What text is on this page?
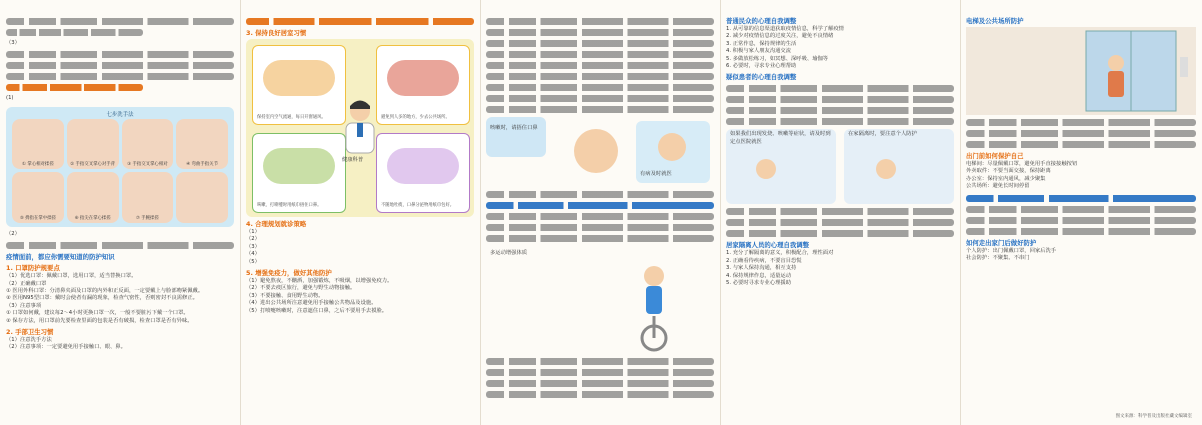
（3）
(1)
七步洗手法
① 掌心相对揉搓	② 手指交叉掌心对手背	③ 手指交叉掌心相对	④ 弯曲手指关节
⑤ 拇指在掌中揉搓	⑥ 指尖在掌心揉搓	⑦ 手腕揉搓
（2）
疫情面前，都应你需要知道的防护知识
1. 口罩防护规要点
（1）优选口罩：佩戴口罩，选用口罩，适当替换口罩。
（2）正确戴口罩
① 医用外科口罩：分清鼻夹面及口罩的内外和正反面，一定要戴上与脸部吻紧佩戴。
② 医用N95型口罩：戴时会使者有漏的现象，检查气密性，否则密封不良需修正。
（3）注意事项
① 口罩如何戴，建议每2～4小时更换口罩一次，一般不要脏污下戴一个口罩。
② 保存方法，用口罩前先要检查里面的包装是否有破损，检查口罩是否有异味。
2. 手部卫生习惯
（1）注意洗手方法
（2）注意事项：一定要避免用手接触口、眼、鼻。
3. 保持良好居室习惯
保持室内空气流通，每日开窗通风。	避免到人多的地方，少去公共场所。
咳嗽、打喷嚏时用纸巾捂住口鼻。	不随地吐痰，口鼻分泌物用纸巾包好。
健康科普
4. 合理规划就诊策略
（1）
（2）
（3）
（4）
（5）
5. 增强免疫力，做好其他防护
（1）避免熬夜，不酗酒，加强锻炼，不吸烟，以增强免疫力。
（2）不要去疫区旅行，避免与野生动物接触。
（3）不要接触、食用野生动物。
（4）进出公共场所注意避免用手接触公共物品及设施。
（5）打喷嚏咳嗽时，注意遮住口鼻，之后不要用手去摸脸。
咳嗽时，请捂住口鼻
有病及时就医
多运动增强体质
普通民众的心理自我调整
1. 从可靠的信息渠道获取疫情信息，科学了解疫情
2. 减少对疫情信息的过度关注，避免不良情绪
3. 正常作息，保持规律的生活
4. 积极与家人朋友沟通交流
5. 多做放松练习，如冥想、深呼吸、瑜伽等
6. 必要时，寻求专业心理帮助
疑似患者的心理自我调整
如果我们出现发烧、咳嗽等症状，请及时到定点医院就医
在家隔离时，要注意个人防护
居家隔离人员的心理自我调整
1. 充分了解隔离的意义，积极配合，理性面对
2. 正确看待疾病，不要盲目恐慌
3. 与家人保持沟通，相互支持
4. 保持规律作息，适量运动
5. 必要时寻求专业心理援助
电梯及公共场所防护
出门前如何保护自己
电梯间：尽量佩戴口罩，避免用手直接接触按钮
外卖取件：不要当面交接，保持距离
办公室：保持室内通风，减少聚集
公共场所：避免长时间停留
如何走出家门后做好防护
个人防护：出门佩戴口罩，回家后洗手
社会防护：不聚集、不串门
图文来源：科学普及出版社藏文编辑室
